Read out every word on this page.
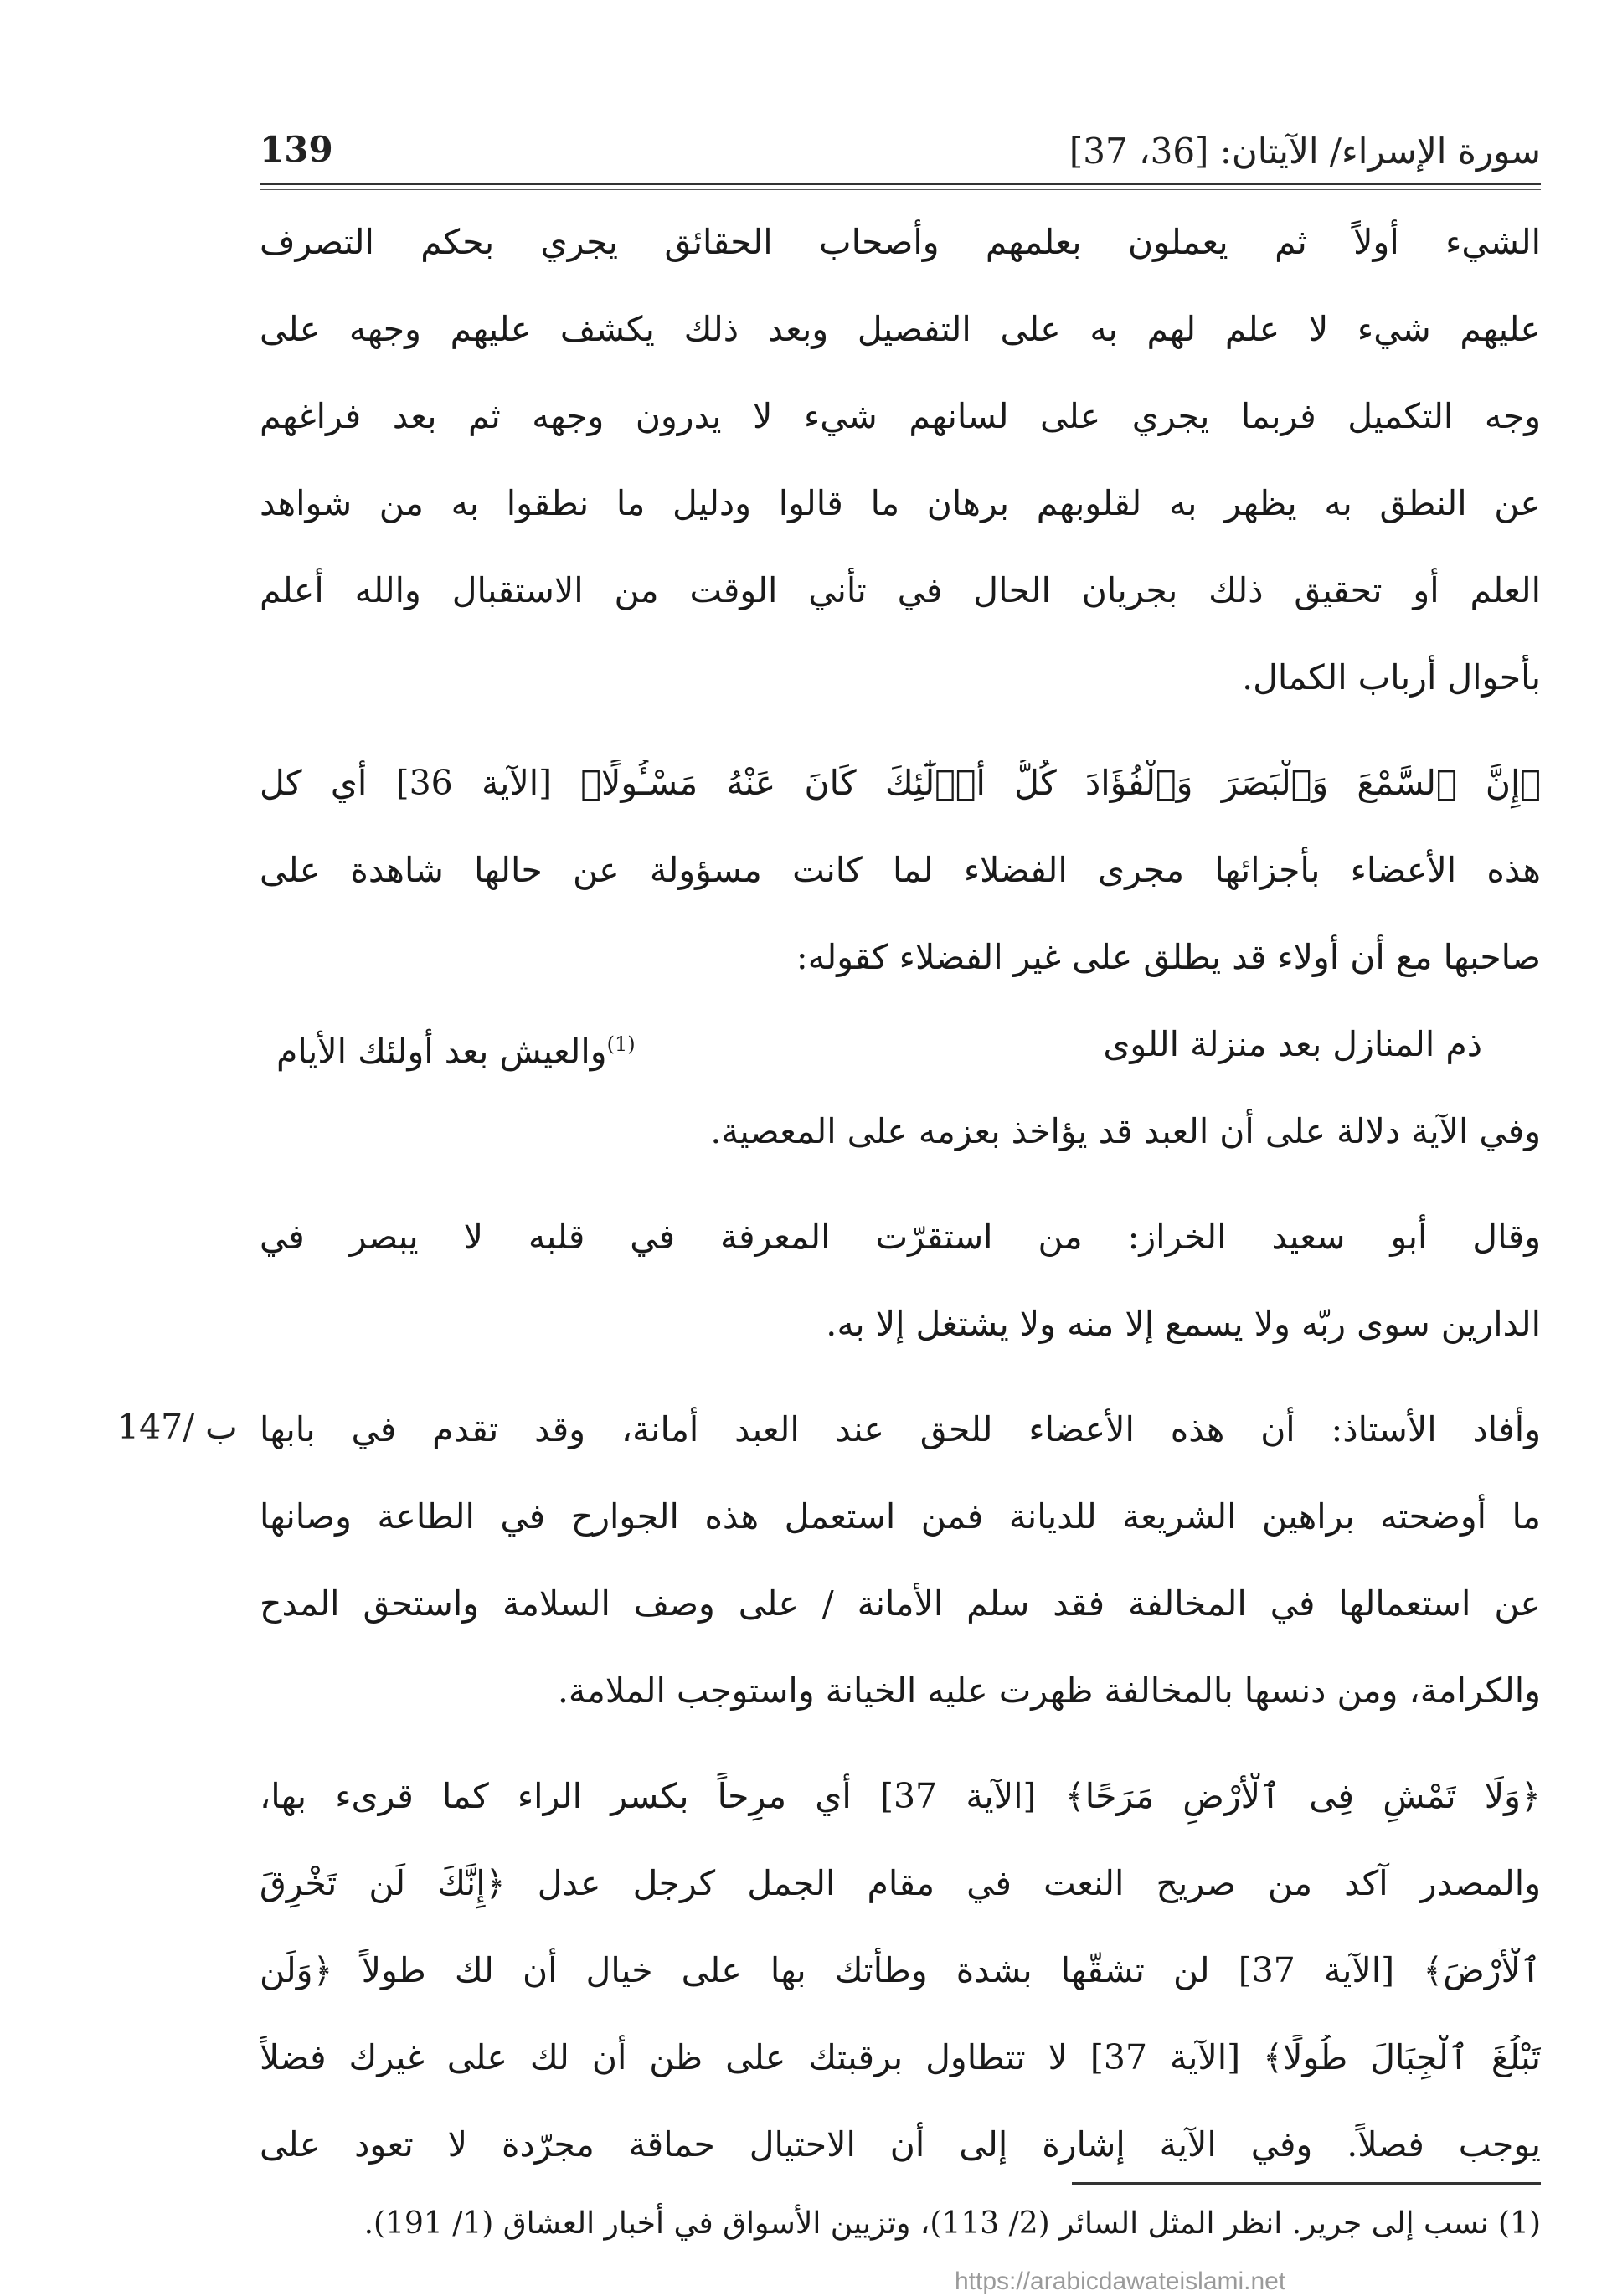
سورة الإسراء/ الآيتان: [36، 37]
139
الشيء أولاً ثم يعملون بعلمهم وأصحاب الحقائق يجري بحكم التصرف
عليهم شيء لا علم لهم به على التفصيل وبعد ذلك يكشف عليهم وجهه على
وجه التكميل فربما يجري على لسانهم شيء لا يدرون وجهه ثم بعد فراغهم
عن النطق به يظهر به لقلوبهم برهان ما قالوا ودليل ما نطقوا به من شواهد
العلم أو تحقيق ذلك بجريان الحال في تأني الوقت من الاستقبال والله أعلم
بأحوال أرباب الكمال.
﴿إِنَّ ٱلسَّمْعَ وَٱلْبَصَرَ وَٱلْفُؤَادَ كُلُّ أُو۟لَٰٓئِكَ كَانَ عَنْهُ مَسْـُٔولًا﴾ [الآية 36] أي كل
هذه الأعضاء بأجزائها مجرى الفضلاء لما كانت مسؤولة عن حالها شاهدة على
صاحبها مع أن أُولاء قد يطلق على غير الفضلاء كقوله:
ذم المنازل بعد منزلة اللوى
$^{(1)}$والعيش بعد أولئك الأيام
وفي الآية دلالة على أن العبد قد يؤاخذ بعزمه على المعصية.
وقال أبو سعيد الخراز: من استقرّت المعرفة في قلبه لا يبصر في
الدارين سوى ربّه ولا يسمع إلا منه ولا يشتغل إلا به.
وأفاد الأستاذ: أن هذه الأعضاء للحق عند العبد أمانة، وقد تقدم في بابها
ما أوضحته براهين الشريعة للديانة فمن استعمل هذه الجوارح في الطاعة وصانها
عن استعمالها في المخالفة فقد سلم الأمانة / على وصف السلامة واستحق المدح
والكرامة، ومن دنسها بالمخالفة ظهرت عليه الخيانة واستوجب الملامة.
﴿وَلَا تَمْشِ فِى ٱلْأَرْضِ مَرَحًا﴾ [الآية 37] أي مرِحاً بكسر الراء كما قرىء بها،
والمصدر آكد من صريح النعت في مقام الجمل كرجل عدل ﴿إِنَّكَ لَن تَخْرِقَ
ٱلْأَرْضَ﴾ [الآية 37] لن تشقّها بشدة وطأتك بها على خيال أن لك طولاً ﴿وَلَن
تَبْلُغَ ٱلْجِبَالَ طُولًا﴾ [الآية 37] لا تتطاول برقبتك على ظن أن لك على غيرك فضلاً
يوجب فصلاً. وفي الآية إشارة إلى أن الاحتيال حماقة مجرّدة لا تعود على
147/ ب
(1) نسب إلى جرير. انظر المثل السائر (2/ 113)، وتزيين الأسواق في أخبار العشاق (1/ 191).
https://arabicdawateislami.net
